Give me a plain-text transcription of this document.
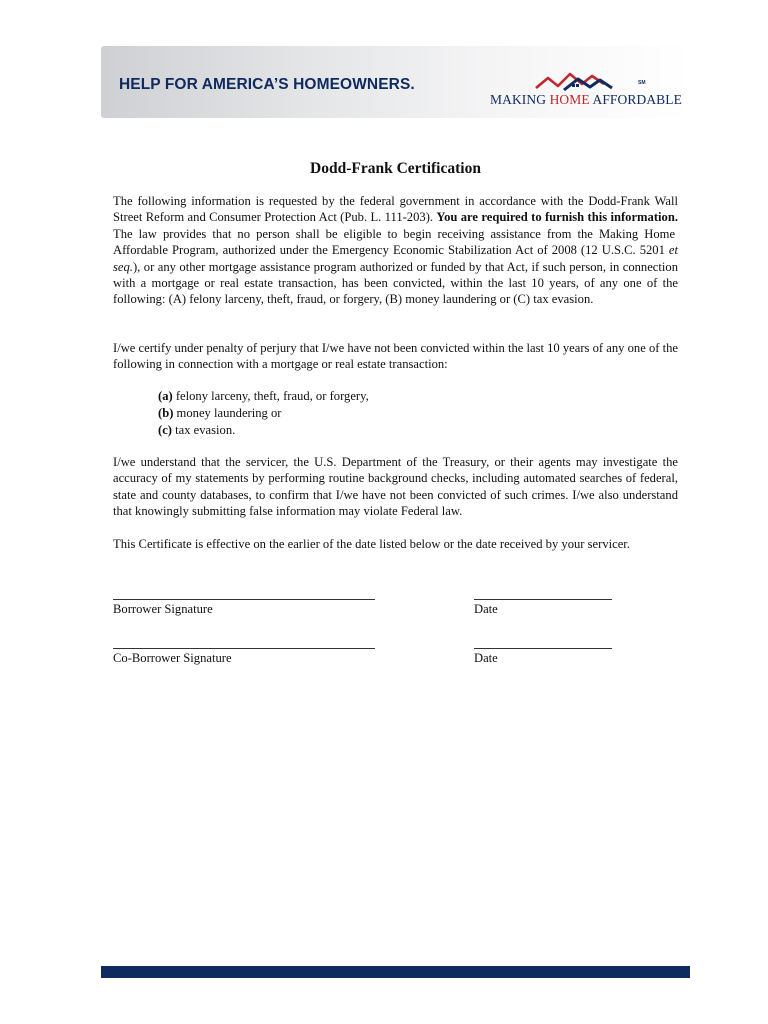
HELP FOR AMERICA’S HOMEOWNERS.	SM
MAKING HOME AFFORDABLE
Dodd-Frank Certification

The following information is requested by the federal government in accordance with the Dodd-Frank Wall Street Reform and Consumer Protection Act (Pub. L. 111-203). You are required to furnish this information. The law provides that no person shall be eligible to begin receiving assistance from the Making Home Affordable Program, authorized under the Emergency Economic Stabilization Act of 2008 (12 U.S.C. 5201 et seq.), or any other mortgage assistance program authorized or funded by that Act, if such person, in connection with a mortgage or real estate transaction, has been convicted, within the last 10 years, of any one of the following: (A) felony larceny, theft, fraud, or forgery, (B) money laundering or (C) tax evasion.

I/we certify under penalty of perjury that I/we have not been convicted within the last 10 years of any one of the following in connection with a mortgage or real estate transaction:

(a) felony larceny, theft, fraud, or forgery,
(b) money laundering or
(c) tax evasion.

I/we understand that the servicer, the U.S. Department of the Treasury, or their agents may investigate the accuracy of my statements by performing routine background checks, including automated searches of federal, state and county databases, to confirm that I/we have not been convicted of such crimes. I/we also understand that knowingly submitting false information may violate Federal law.

This Certificate is effective on the earlier of the date listed below or the date received by your servicer.

Borrower Signature	Date
Co-Borrower Signature	Date
